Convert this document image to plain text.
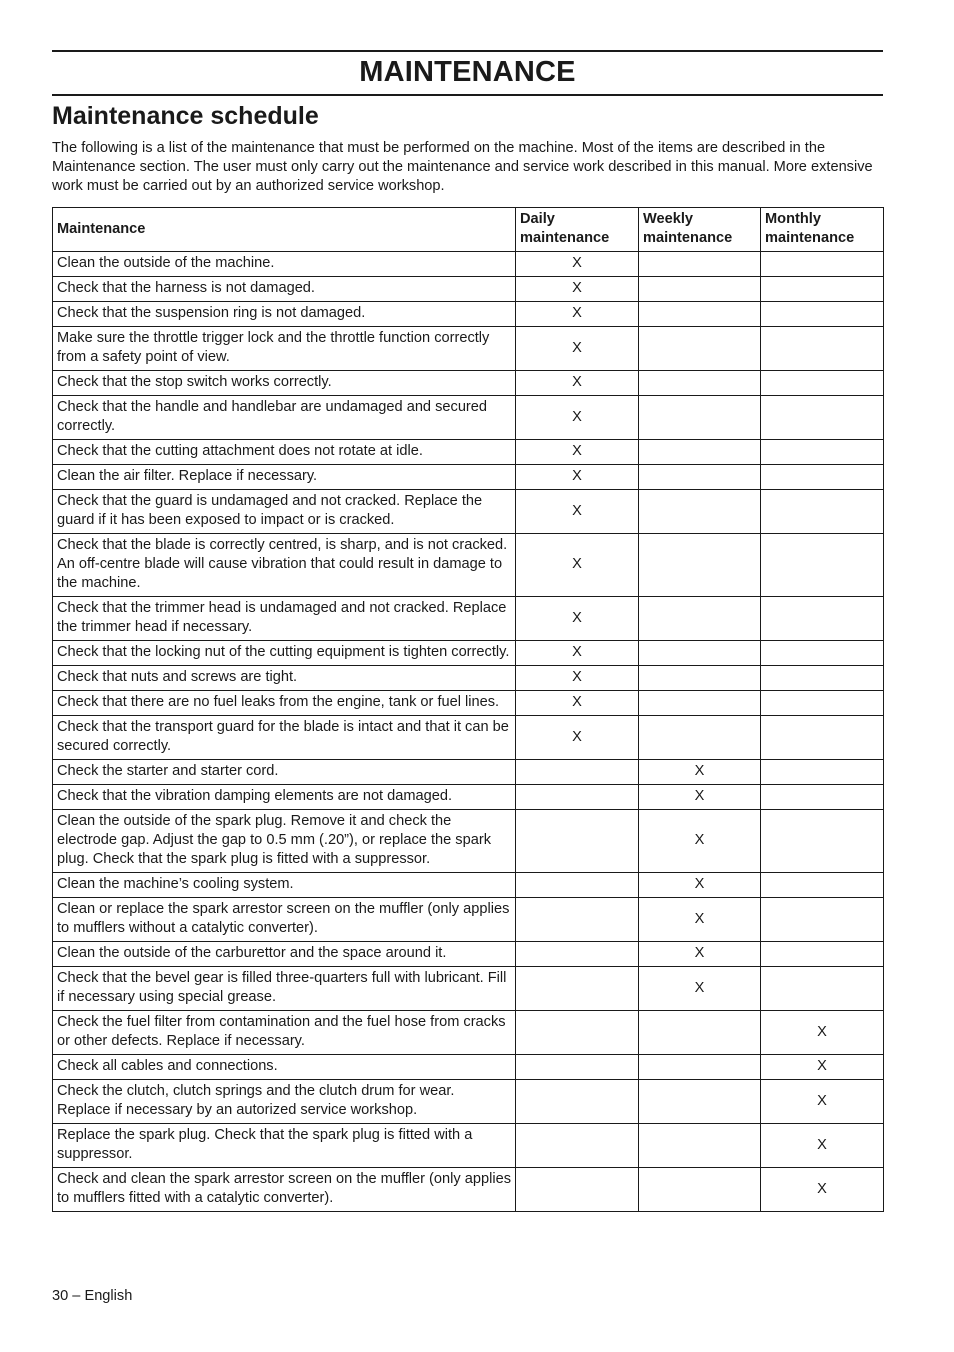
MAINTENANCE
Maintenance schedule

The following is a list of the maintenance that must be performed on the machine. Most of the items are described in the Maintenance section. The user must only carry out the maintenance and service work described in this manual. More extensive work must be carried out by an authorized service workshop.

Maintenance	Daily maintenance	Weekly maintenance	Monthly maintenance
Clean the outside of the machine.	X		
Check that the harness is not damaged.	X		
Check that the suspension ring is not damaged.	X		
Make sure the throttle trigger lock and the throttle function correctly from a safety point of view.	X		
Check that the stop switch works correctly.	X		
Check that the handle and handlebar are undamaged and secured correctly.	X		
Check that the cutting attachment does not rotate at idle.	X		
Clean the air filter. Replace if necessary.	X		
Check that the guard is undamaged and not cracked. Replace the guard if it has been exposed to impact or is cracked.	X		
Check that the blade is correctly centred, is sharp, and is not cracked. An off-centre blade will cause vibration that could result in damage to the machine.	X		
Check that the trimmer head is undamaged and not cracked. Replace the trimmer head if necessary.	X		
Check that the locking nut of the cutting equipment is tighten correctly.	X		
Check that nuts and screws are tight.	X		
Check that there are no fuel leaks from the engine, tank or fuel lines.	X		
Check that the transport guard for the blade is intact and that it can be secured correctly.	X		
Check the starter and starter cord.		X	
Check that the vibration damping elements are not damaged.		X	
Clean the outside of the spark plug. Remove it and check the electrode gap. Adjust the gap to 0.5 mm (.20”), or replace the spark plug. Check that the spark plug is fitted with a suppressor.		X	
Clean the machine’s cooling system.		X	
Clean or replace the spark arrestor screen on the muffler (only applies to mufflers without a catalytic converter).		X	
Clean the outside of the carburettor and the space around it.		X	
Check that the bevel gear is filled three-quarters full with lubricant. Fill if necessary using special grease.		X	
Check the fuel filter from contamination and the fuel hose from cracks or other defects. Replace if necessary.			X
Check all cables and connections.			X
Check the clutch, clutch springs and the clutch drum for wear. Replace if necessary by an autorized service workshop.			X
Replace the spark plug. Check that the spark plug is fitted with a suppressor.			X
Check and clean the spark arrestor screen on the muffler (only applies to mufflers fitted with a catalytic converter).			X
30 – English
